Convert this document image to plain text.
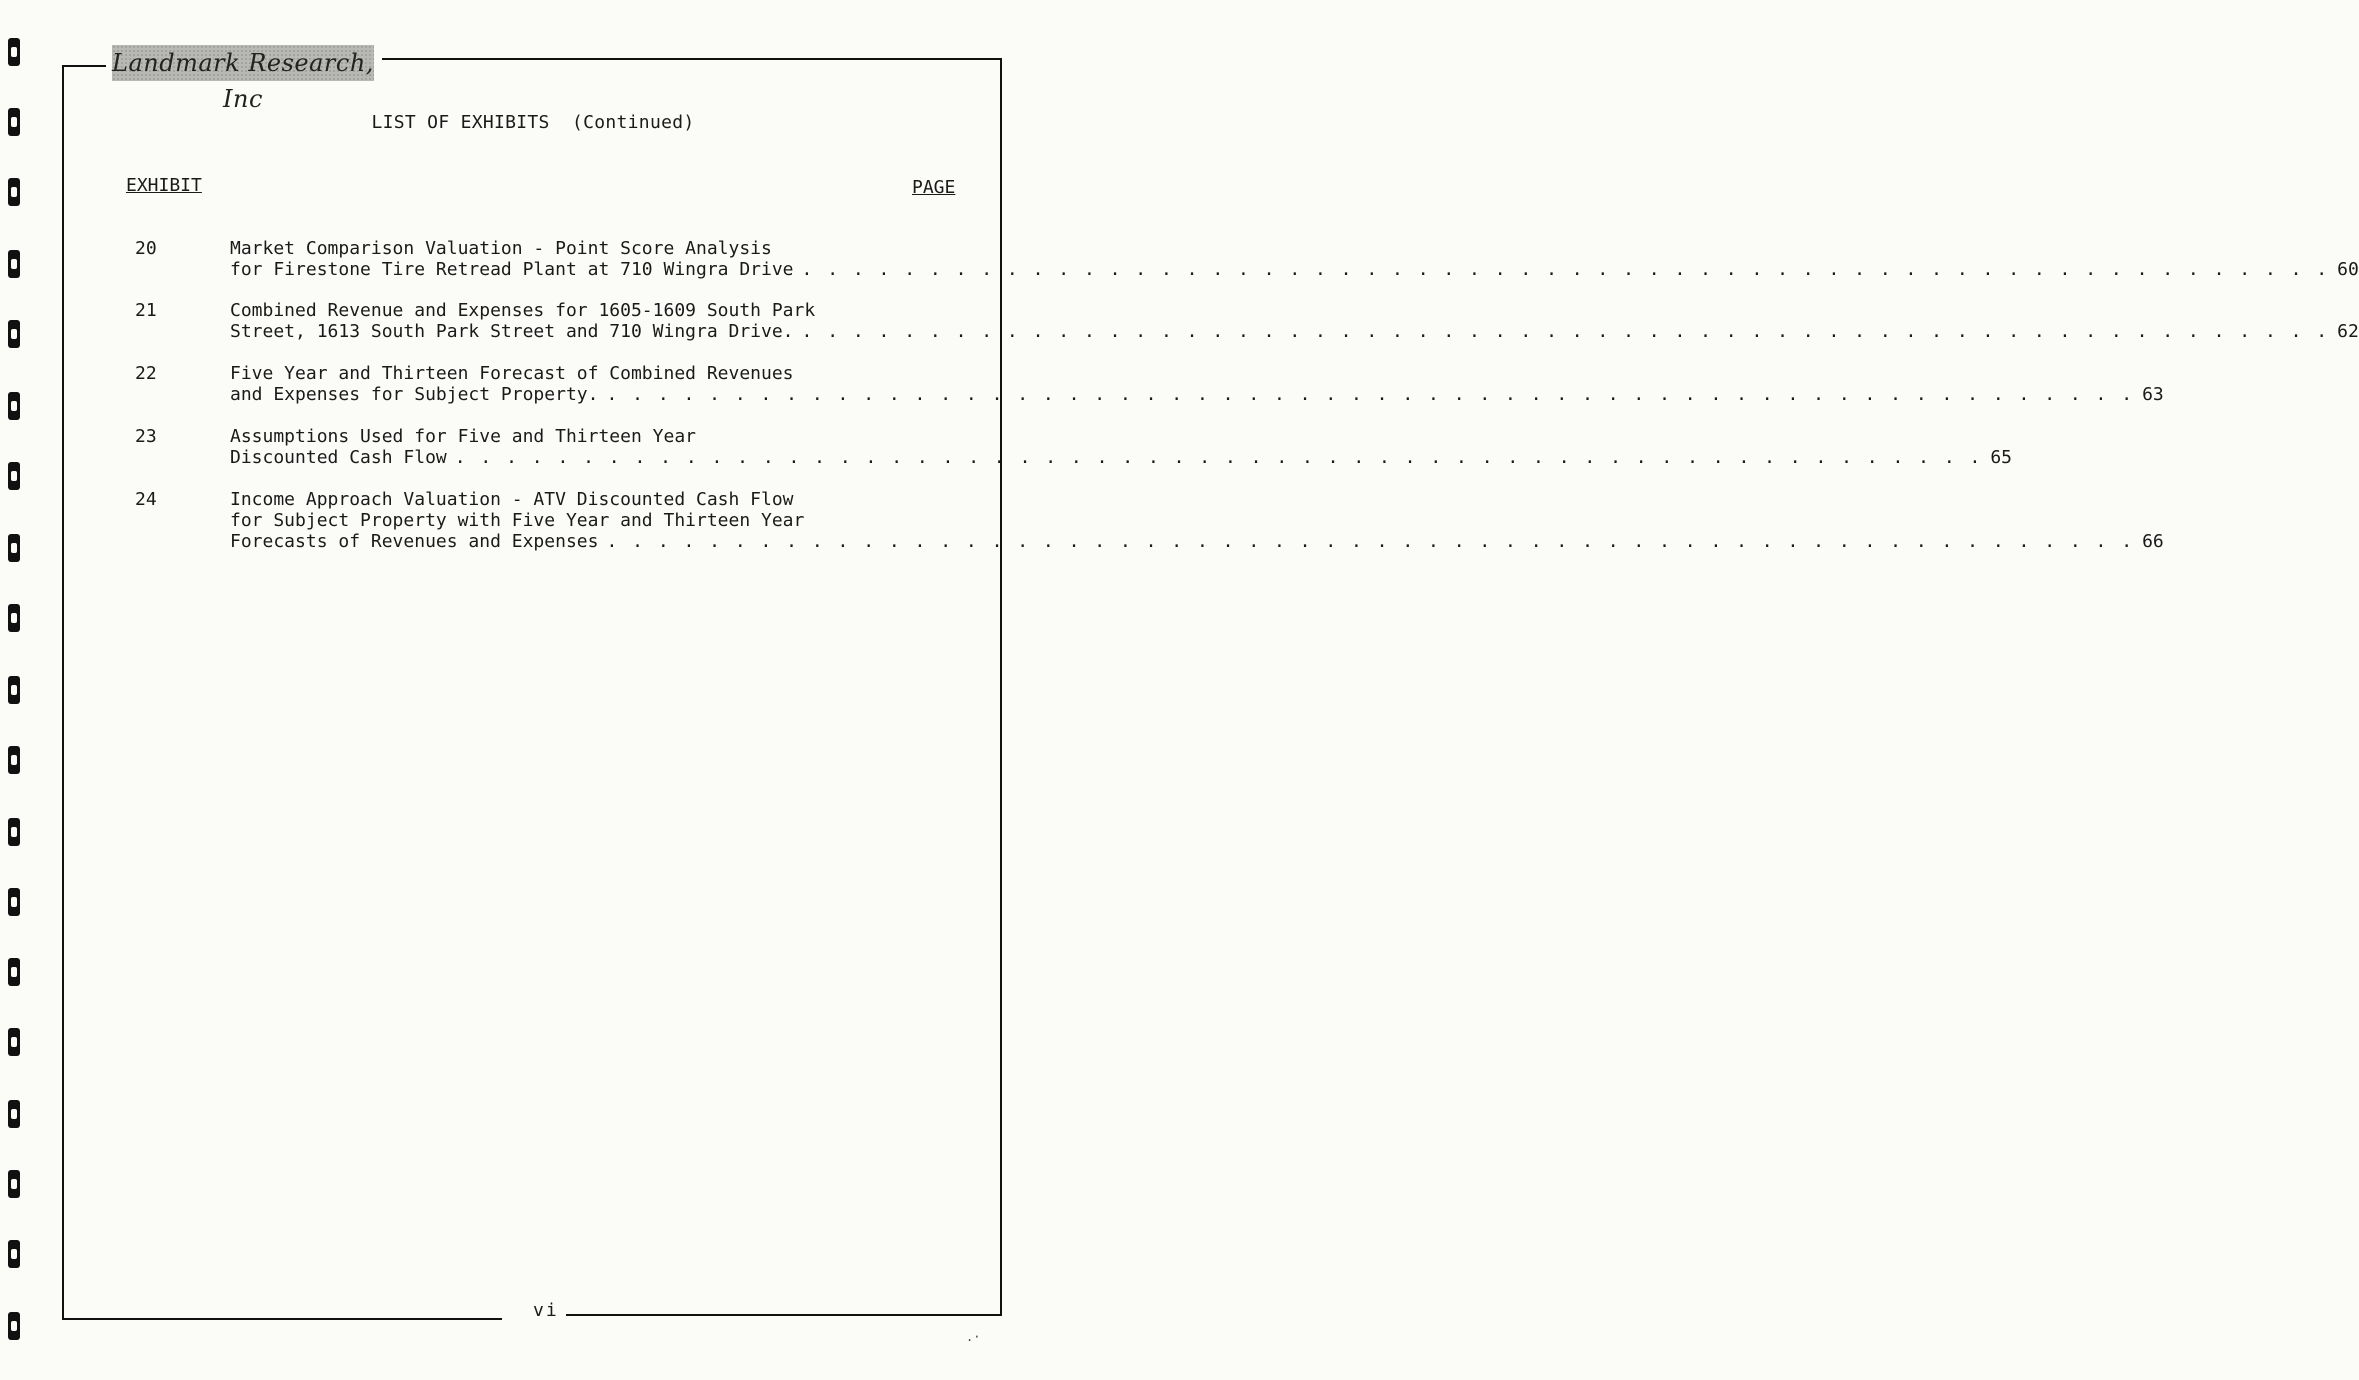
Landmark Research, Inc
LIST OF EXHIBITS (Continued)
EXHIBIT	PAGE
20	Market Comparison Valuation - Point Score Analysis
for Firestone Tire Retread Plant at 710 Wingra Drive . . . . . . . . . . . . . . . . . . . . . . . . . . . . . . . . . . . . . . . . . . . . . . . . . . . . . . . . . . . . 60
21	Combined Revenue and Expenses for 1605-1609 South Park
Street, 1613 South Park Street and 710 Wingra Drive. . . . . . . . . . . . . . . . . . . . . . . . . . . . . . . . . . . . . . . . . . . . . . . . . . . . . . . . . . . . . 62
22	Five Year and Thirteen Forecast of Combined Revenues
and Expenses for Subject Property. . . . . . . . . . . . . . . . . . . . . . . . . . . . . . . . . . . . . . . . . . . . . . . . . . . . . . . . . . . . . 63
23	Assumptions Used for Five and Thirteen Year
Discounted Cash Flow . . . . . . . . . . . . . . . . . . . . . . . . . . . . . . . . . . . . . . . . . . . . . . . . . . . . . . . . . . . . 65
24	Income Approach Valuation - ATV Discounted Cash Flow
for Subject Property with Five Year and Thirteen Year
Forecasts of Revenues and Expenses . . . . . . . . . . . . . . . . . . . . . . . . . . . . . . . . . . . . . . . . . . . . . . . . . . . . . . . . . . . . 66
vi
.·
